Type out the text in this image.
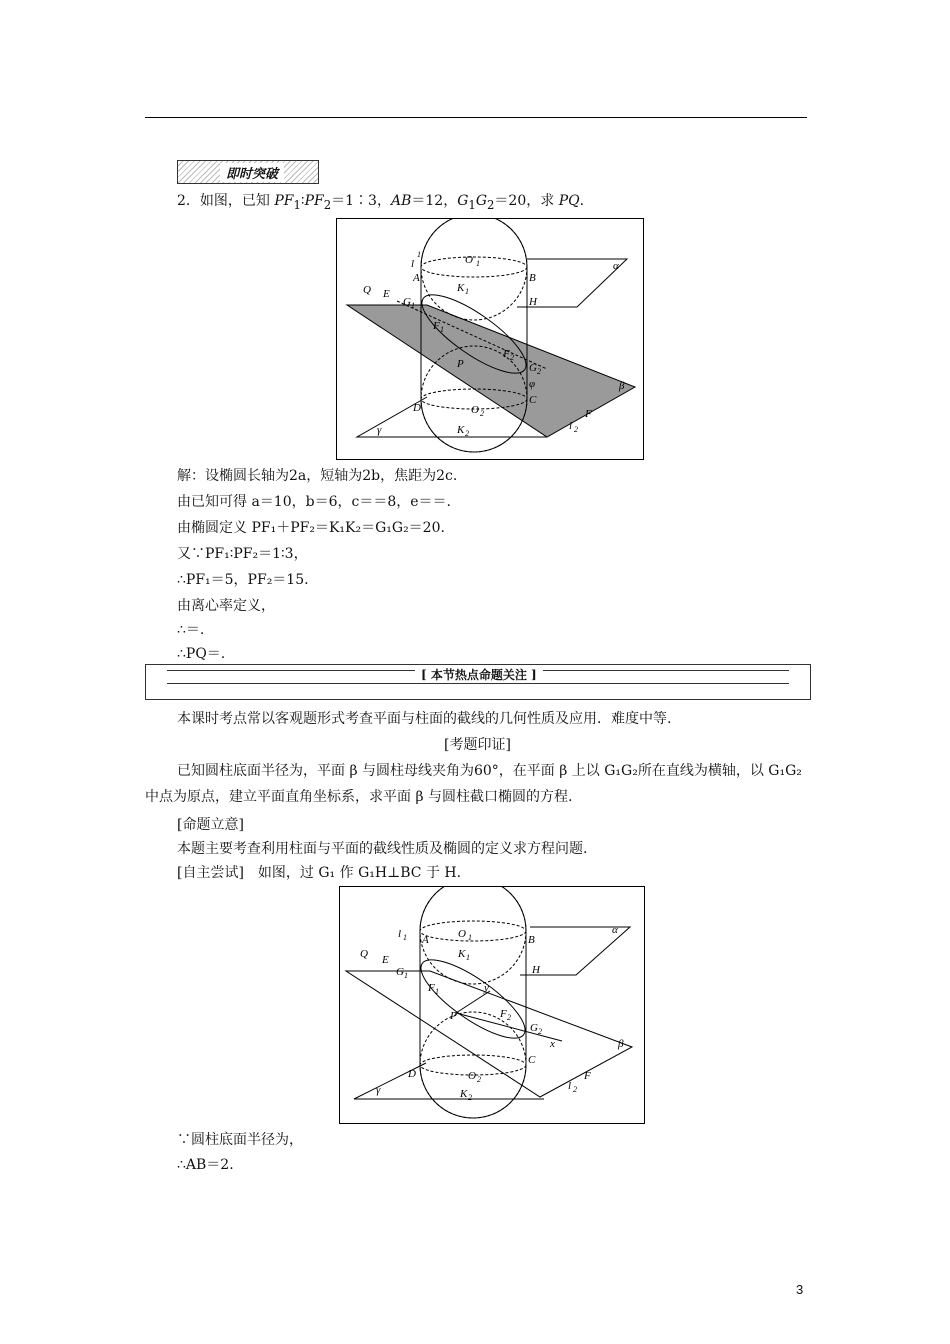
即时突破
2．如图，已知 $PF_1∶PF_2=1∶3$，AB＝12，$G_1G_2=20$，求 PQ.
l
1
A
O 1
B
α
Q E	K 1
G 1	H
F 1
F 2
P	G 2
φ	β
D	O 2
C
γ	K 2
F
l 2
解：设椭圆长轴为2a，短轴为2b，焦距为2c.
由已知可得 a＝10，b＝6，c＝＝8，e＝＝.
由椭圆定义 PF₁＋PF₂＝K₁K₂＝G₁G₂＝20.
又∵PF₁∶PF₂＝1∶3，
∴PF₁＝5，PF₂＝15.
由离心率定义，
∴＝.
∴PQ＝.
[ 本节热点命题关注 ]
本课时考点常以客观题形式考查平面与柱面的截线的几何性质及应用．难度中等.
[考题印证]
已知圆柱底面半径为，平面 β 与圆柱母线夹角为60°，在平面 β 上以 G₁G₂所在直线为横轴，以 G₁G₂中点为原点，建立平面直角坐标系，求平面 β 与圆柱截口椭圆的方程.
[命题立意]
本题主要考查利用柱面与平面的截线性质及椭圆的定义求方程问题.
[自主尝试]　如图，过 G₁ 作 G₁H⊥BC 于 H.
l 1 A	O 1	B
α
Q E	K 1
G 1	H
F 1	y
F 2
P
G 2
x	β
D	O 2
C
γ	K 2
F
l 2
∵圆柱底面半径为，
∴AB＝2.
3
